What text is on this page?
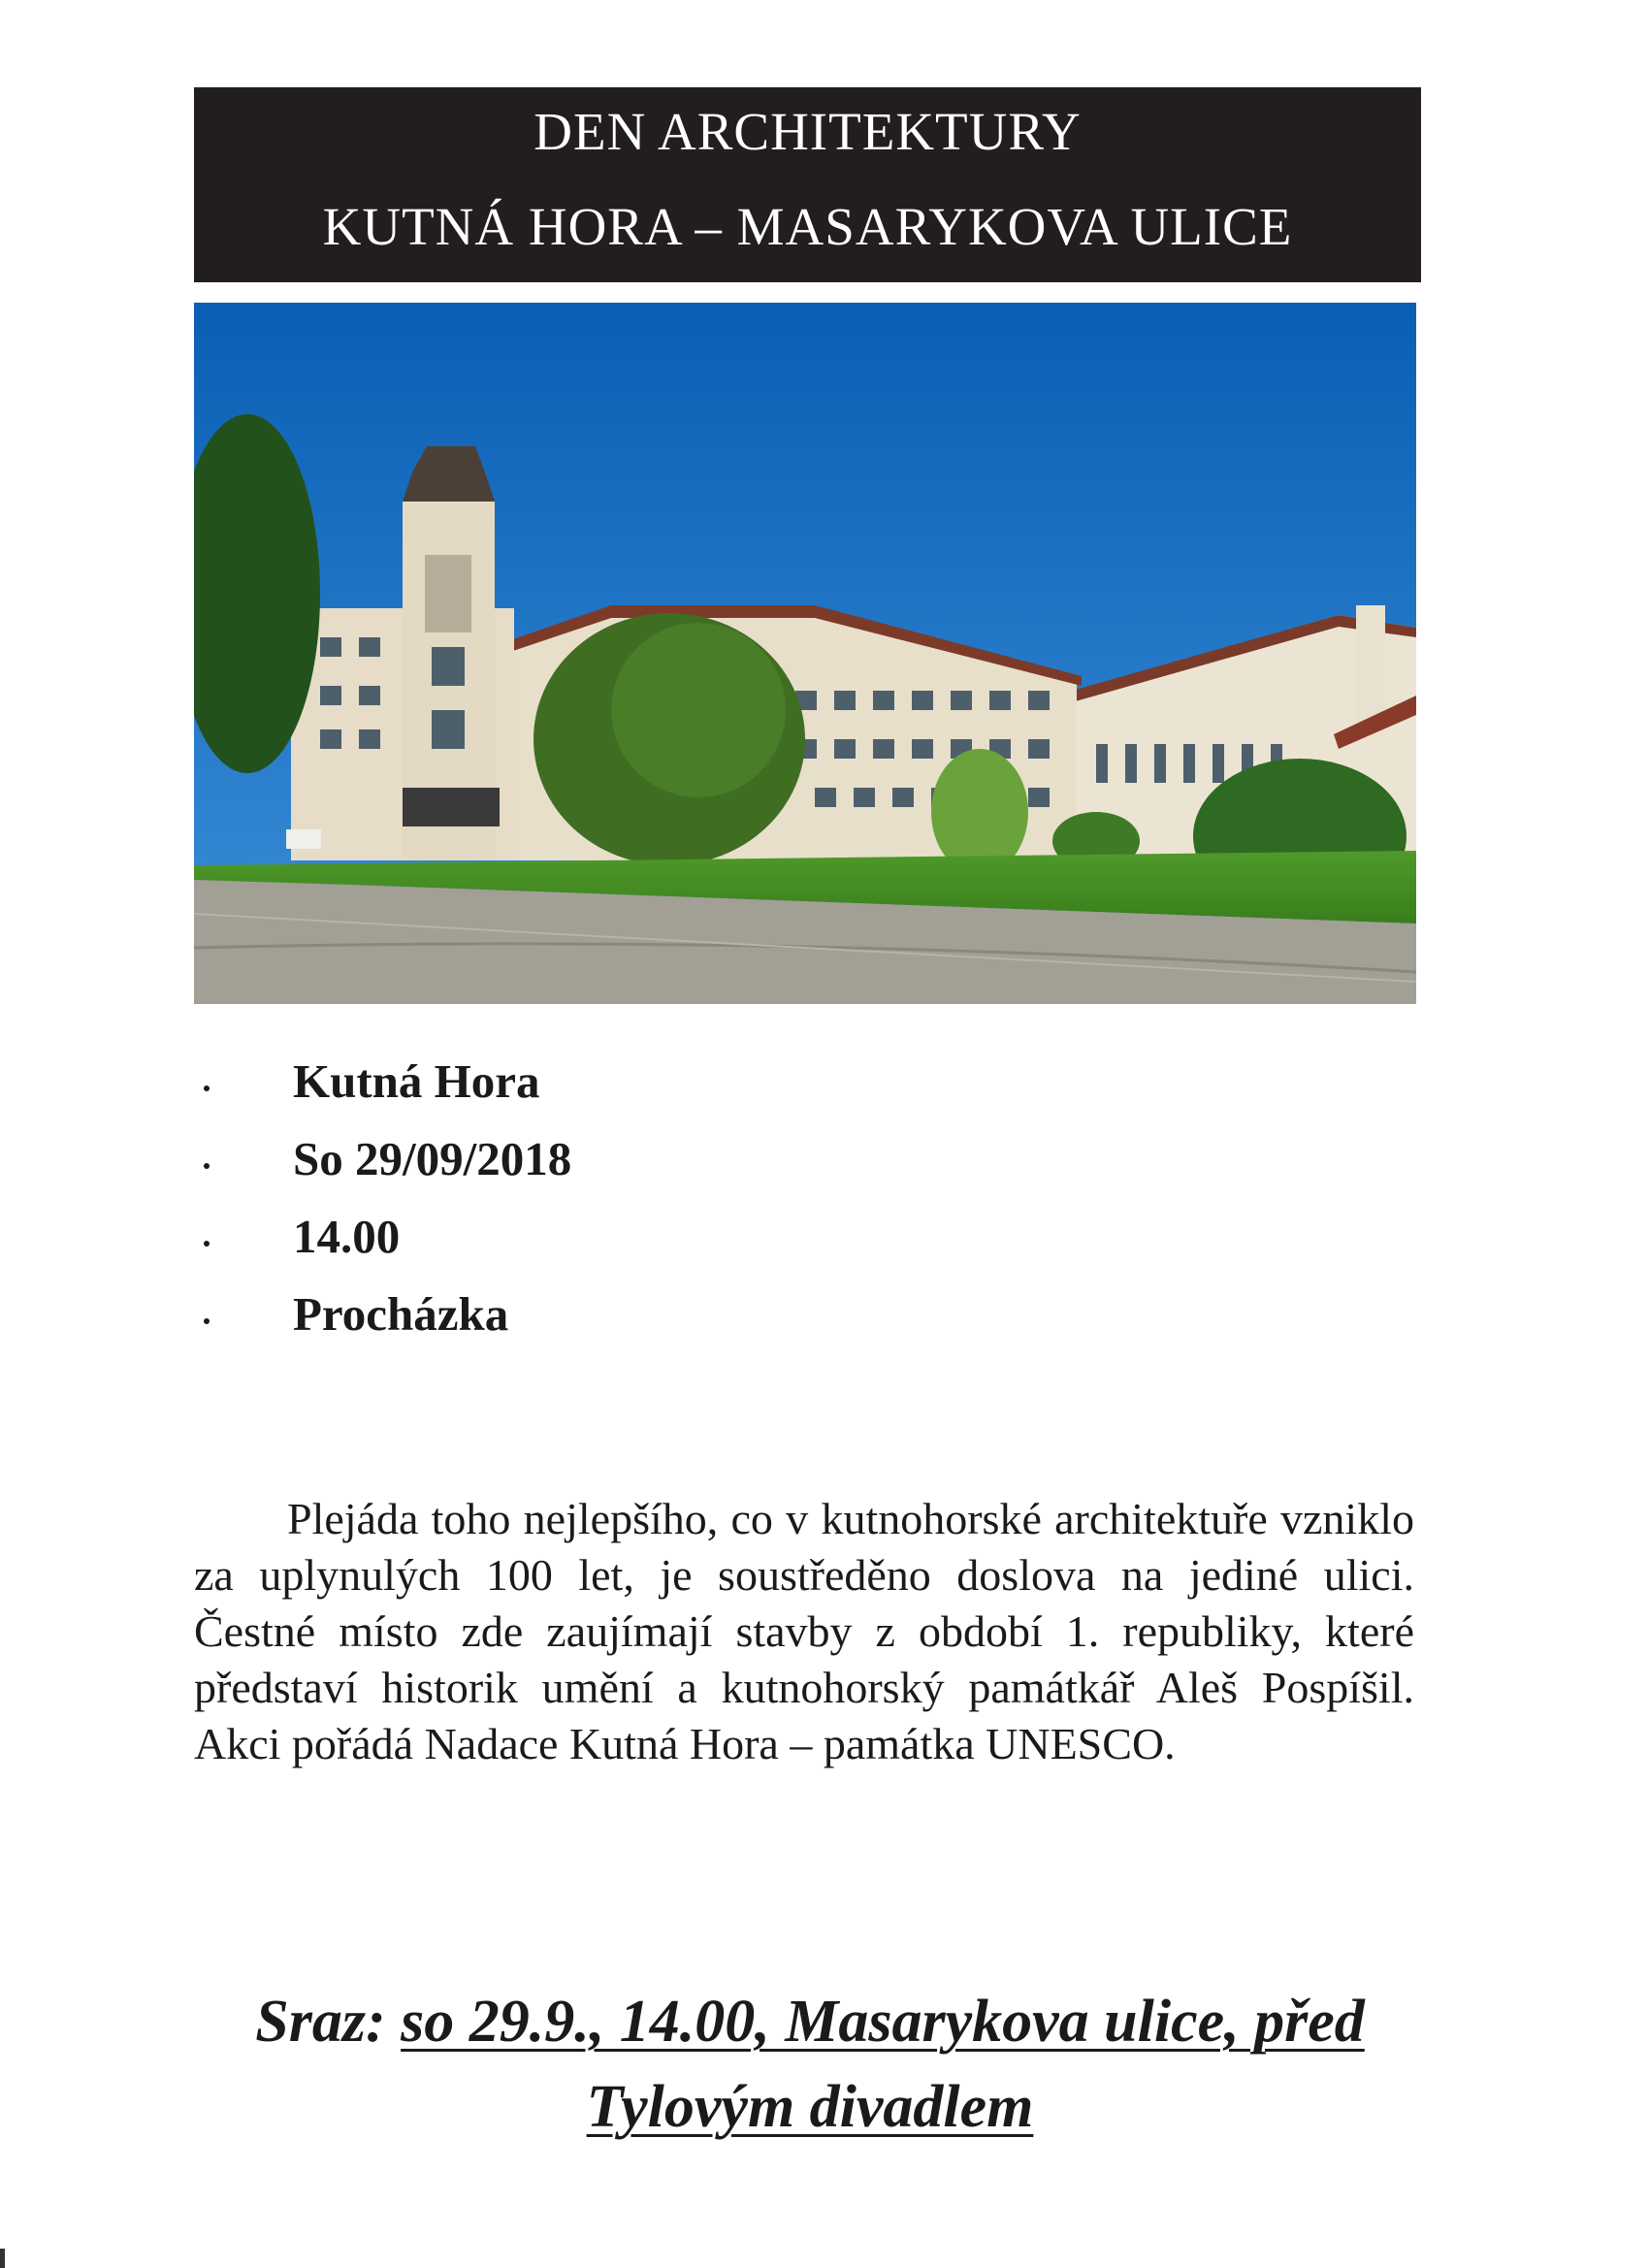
DEN ARCHITEKTURY
KUTNÁ HORA – MASARYKOVA ULICE
Kutná Hora
So 29/09/2018
14.00
Procházka

Plejáda toho nejlepšího, co v kutnohorské architektuře vzniklo za uplynulých 100 let, je soustředěno doslova na jediné ulici. Čestné místo zde zaujímají stavby z období 1. republiky, které představí historik umění a kutnohorský památkář Aleš Pospíšil. Akci pořádá Nadace Kutná Hora – památka UNESCO.

Sraz: so 29.9., 14.00, Masarykova ulice, před Tylovým divadlem
